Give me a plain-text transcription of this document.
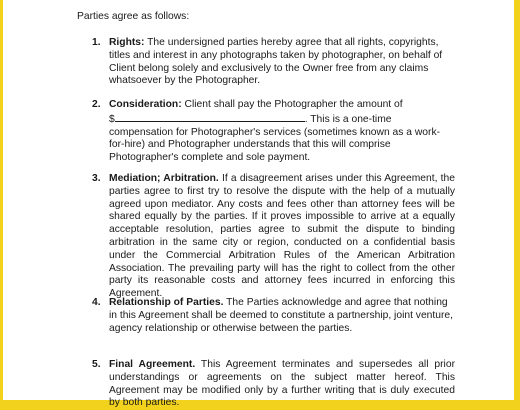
Parties agree as follows:
1. Rights: The undersigned parties hereby agree that all rights, copyrights, titles and interest in any photographs taken by photographer, on behalf of Client belong solely and exclusively to the Owner free from any claims whatsoever by the Photographer.

2. Consideration: Client shall pay the Photographer the amount of
$	. This is a one-time compensation for Photographer's services (sometimes known as a work-for-hire) and Photographer understands that this will comprise Photographer's complete and sole payment.

3. Mediation; Arbitration. If a disagreement arises under this Agreement, the parties agree to first try to resolve the dispute with the help of a mutually agreed upon mediator. Any costs and fees other than attorney fees will be shared equally by the parties. If it proves impossible to arrive at a equally acceptable resolution, parties agree to submit the dispute to binding arbitration in the same city or region, conducted on a confidential basis under the Commercial Arbitration Rules of the American Arbitration Association. The prevailing party will has the right to collect from the other party its reasonable costs and attorney fees incurred in enforcing this Agreement.

4. Relationship of Parties. The Parties acknowledge and agree that nothing in this Agreement shall be deemed to constitute a partnership, joint venture, agency relationship or otherwise between the parties.

5. Final Agreement. This Agreement terminates and supersedes all prior understandings or agreements on the subject matter hereof. This Agreement may be modified only by a further writing that is duly executed by both parties.
